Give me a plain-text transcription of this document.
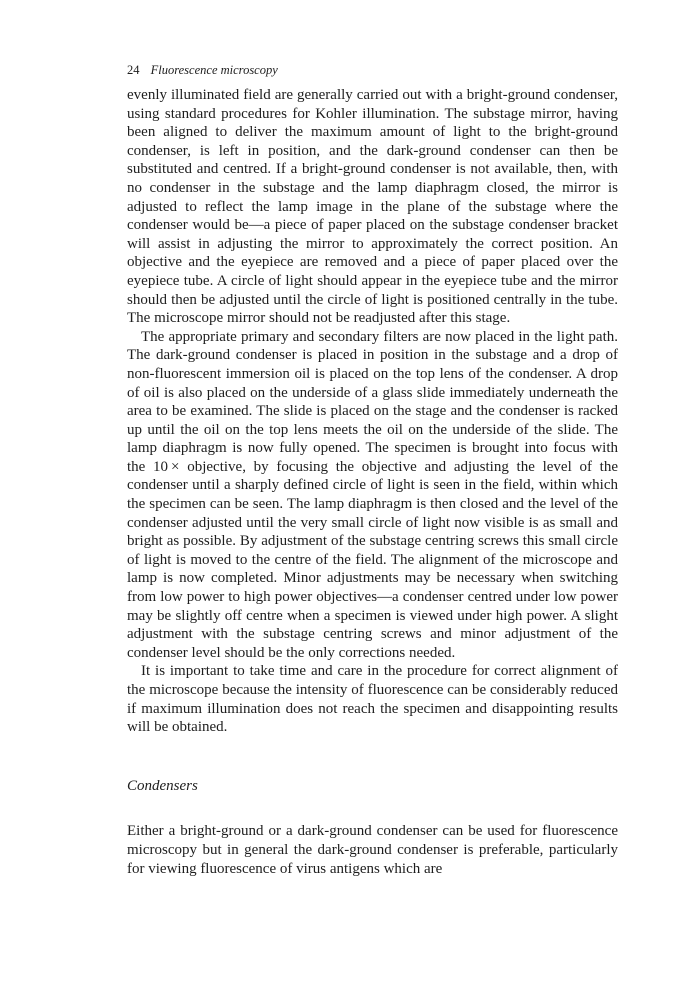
24 Fluorescence microscopy

evenly illuminated field are generally carried out with a bright-ground condenser, using standard procedures for Kohler illumination. The substage mirror, having been aligned to deliver the maximum amount of light to the bright-ground condenser, is left in position, and the dark-ground condenser can then be substituted and centred. If a bright-ground condenser is not available, then, with no condenser in the substage and the lamp diaphragm closed, the mirror is adjusted to reflect the lamp image in the plane of the substage where the condenser would be—a piece of paper placed on the substage condenser bracket will assist in adjusting the mirror to approximately the correct position. An objective and the eyepiece are removed and a piece of paper placed over the eyepiece tube. A circle of light should appear in the eyepiece tube and the mirror should then be adjusted until the circle of light is positioned centrally in the tube. The microscope mirror should not be readjusted after this stage.

The appropriate primary and secondary filters are now placed in the light path. The dark-ground condenser is placed in position in the substage and a drop of non-fluorescent immersion oil is placed on the top lens of the condenser. A drop of oil is also placed on the underside of a glass slide immediately underneath the area to be examined. The slide is placed on the stage and the condenser is racked up until the oil on the top lens meets the oil on the underside of the slide. The lamp diaphragm is now fully opened. The specimen is brought into focus with the 10 × objective, by focusing the objective and adjusting the level of the condenser until a sharply defined circle of light is seen in the field, within which the specimen can be seen. The lamp diaphragm is then closed and the level of the condenser adjusted until the very small circle of light now visible is as small and bright as possible. By adjustment of the substage centring screws this small circle of light is moved to the centre of the field. The alignment of the microscope and lamp is now completed. Minor adjustments may be necessary when switching from low power to high power objectives—a condenser centred under low power may be slightly off centre when a specimen is viewed under high power. A slight adjustment with the substage centring screws and minor adjustment of the condenser level should be the only corrections needed.

It is important to take time and care in the procedure for correct alignment of the microscope because the intensity of fluorescence can be considerably reduced if maximum illumination does not reach the specimen and disappointing results will be obtained.

Condensers

Either a bright-ground or a dark-ground condenser can be used for fluorescence microscopy but in general the dark-ground condenser is preferable, particularly for viewing fluorescence of virus antigens which are
